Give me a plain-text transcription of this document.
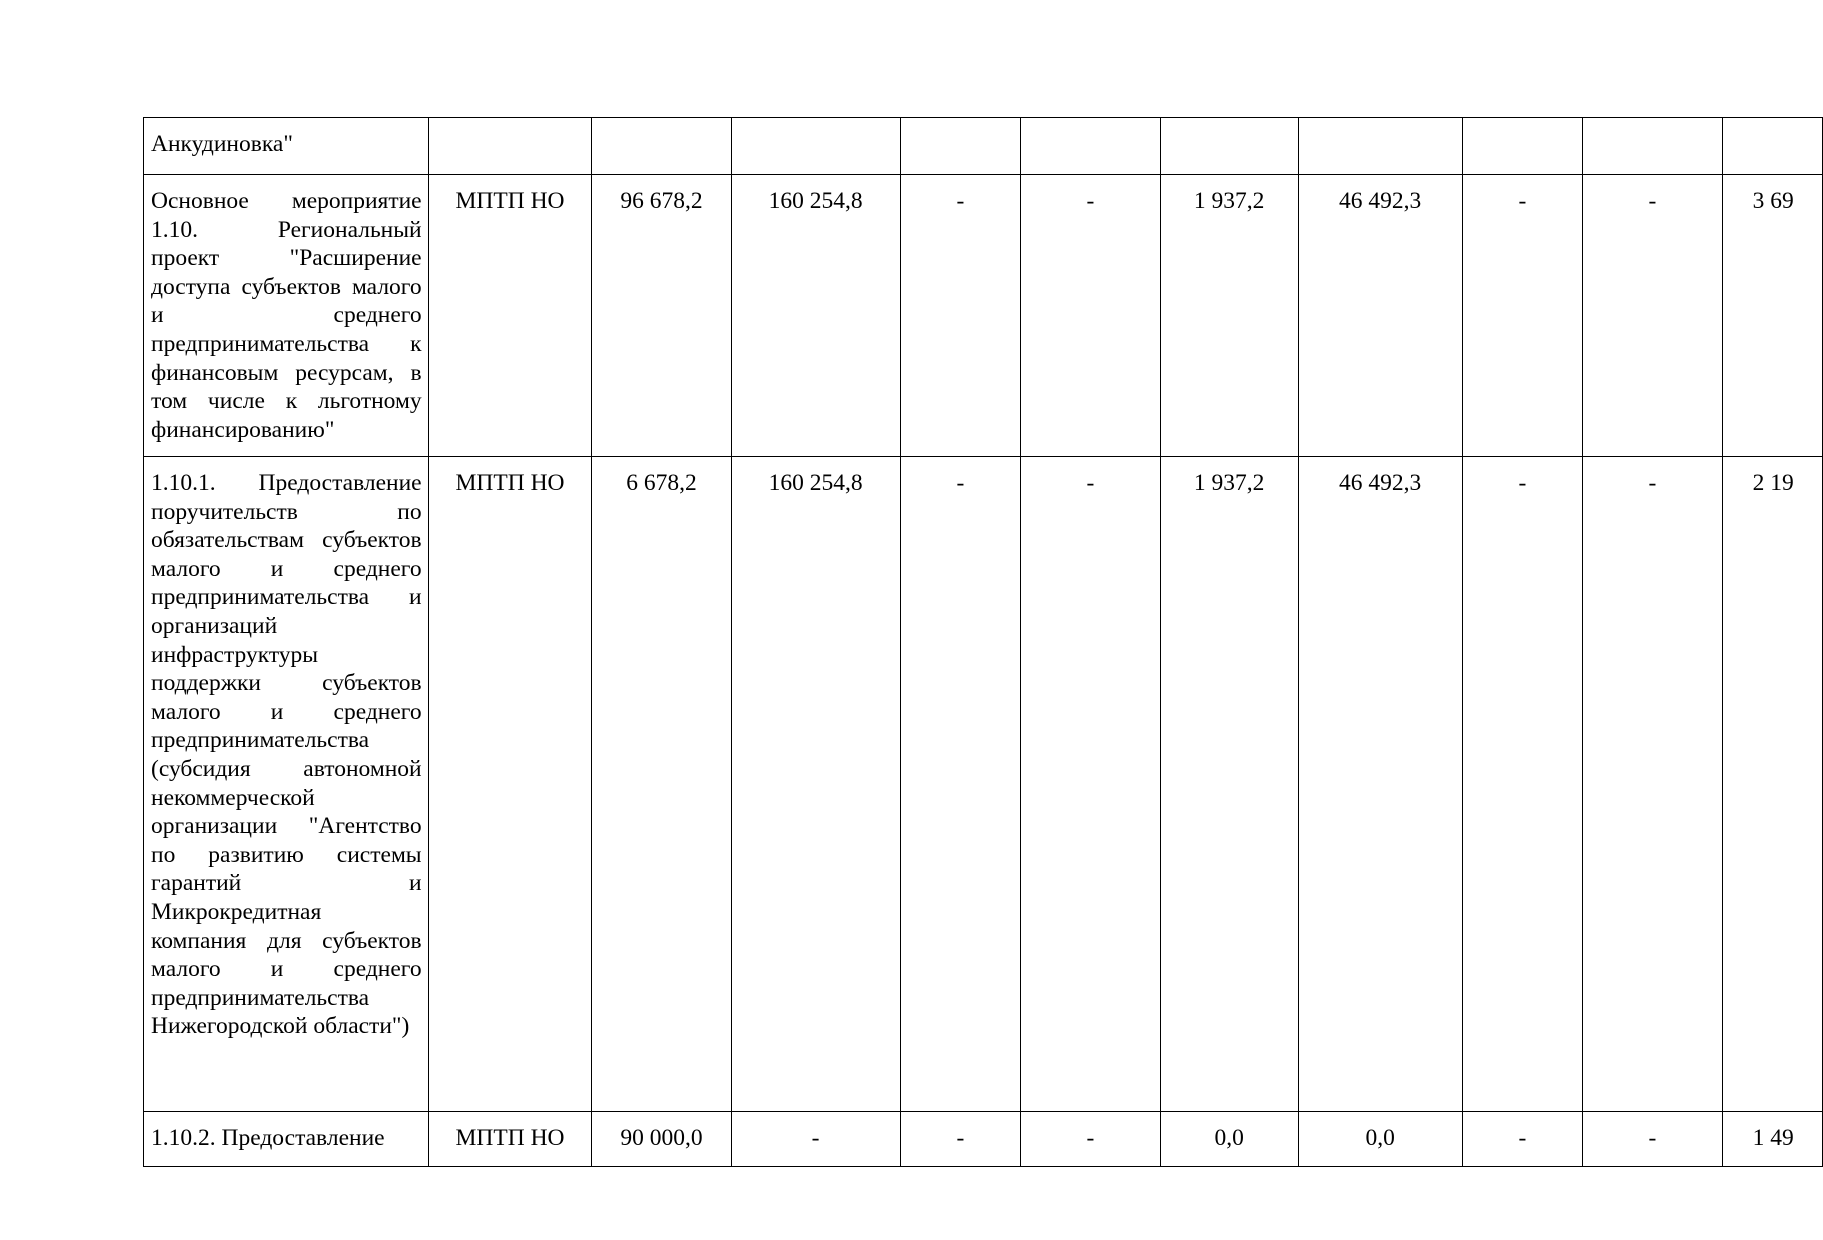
Анкудиновка"										
Основное мероприятие 1.10. Региональный проект "Расширение доступа субъектов малого и среднего предпринимательства к финансовым ресурсам, в том числе к льготному финансированию"	МПТП НО	96 678,2	160 254,8	-	-	1 937,2	46 492,3	-	-	3 69
1.10.1. Предоставление поручительств по обязательствам субъектов малого и среднего предпринимательства и организаций инфраструктуры поддержки субъектов малого и среднего предпринимательства (субсидия автономной некоммерческой организации "Агентство по развитию системы гарантий и Микрокредитная компания для субъектов малого и среднего предпринимательства Нижегородской области")	МПТП НО	6 678,2	160 254,8	-	-	1 937,2	46 492,3	-	-	2 19
1.10.2. Предоставление	МПТП НО	90 000,0	-	-	-	0,0	0,0	-	-	1 49
